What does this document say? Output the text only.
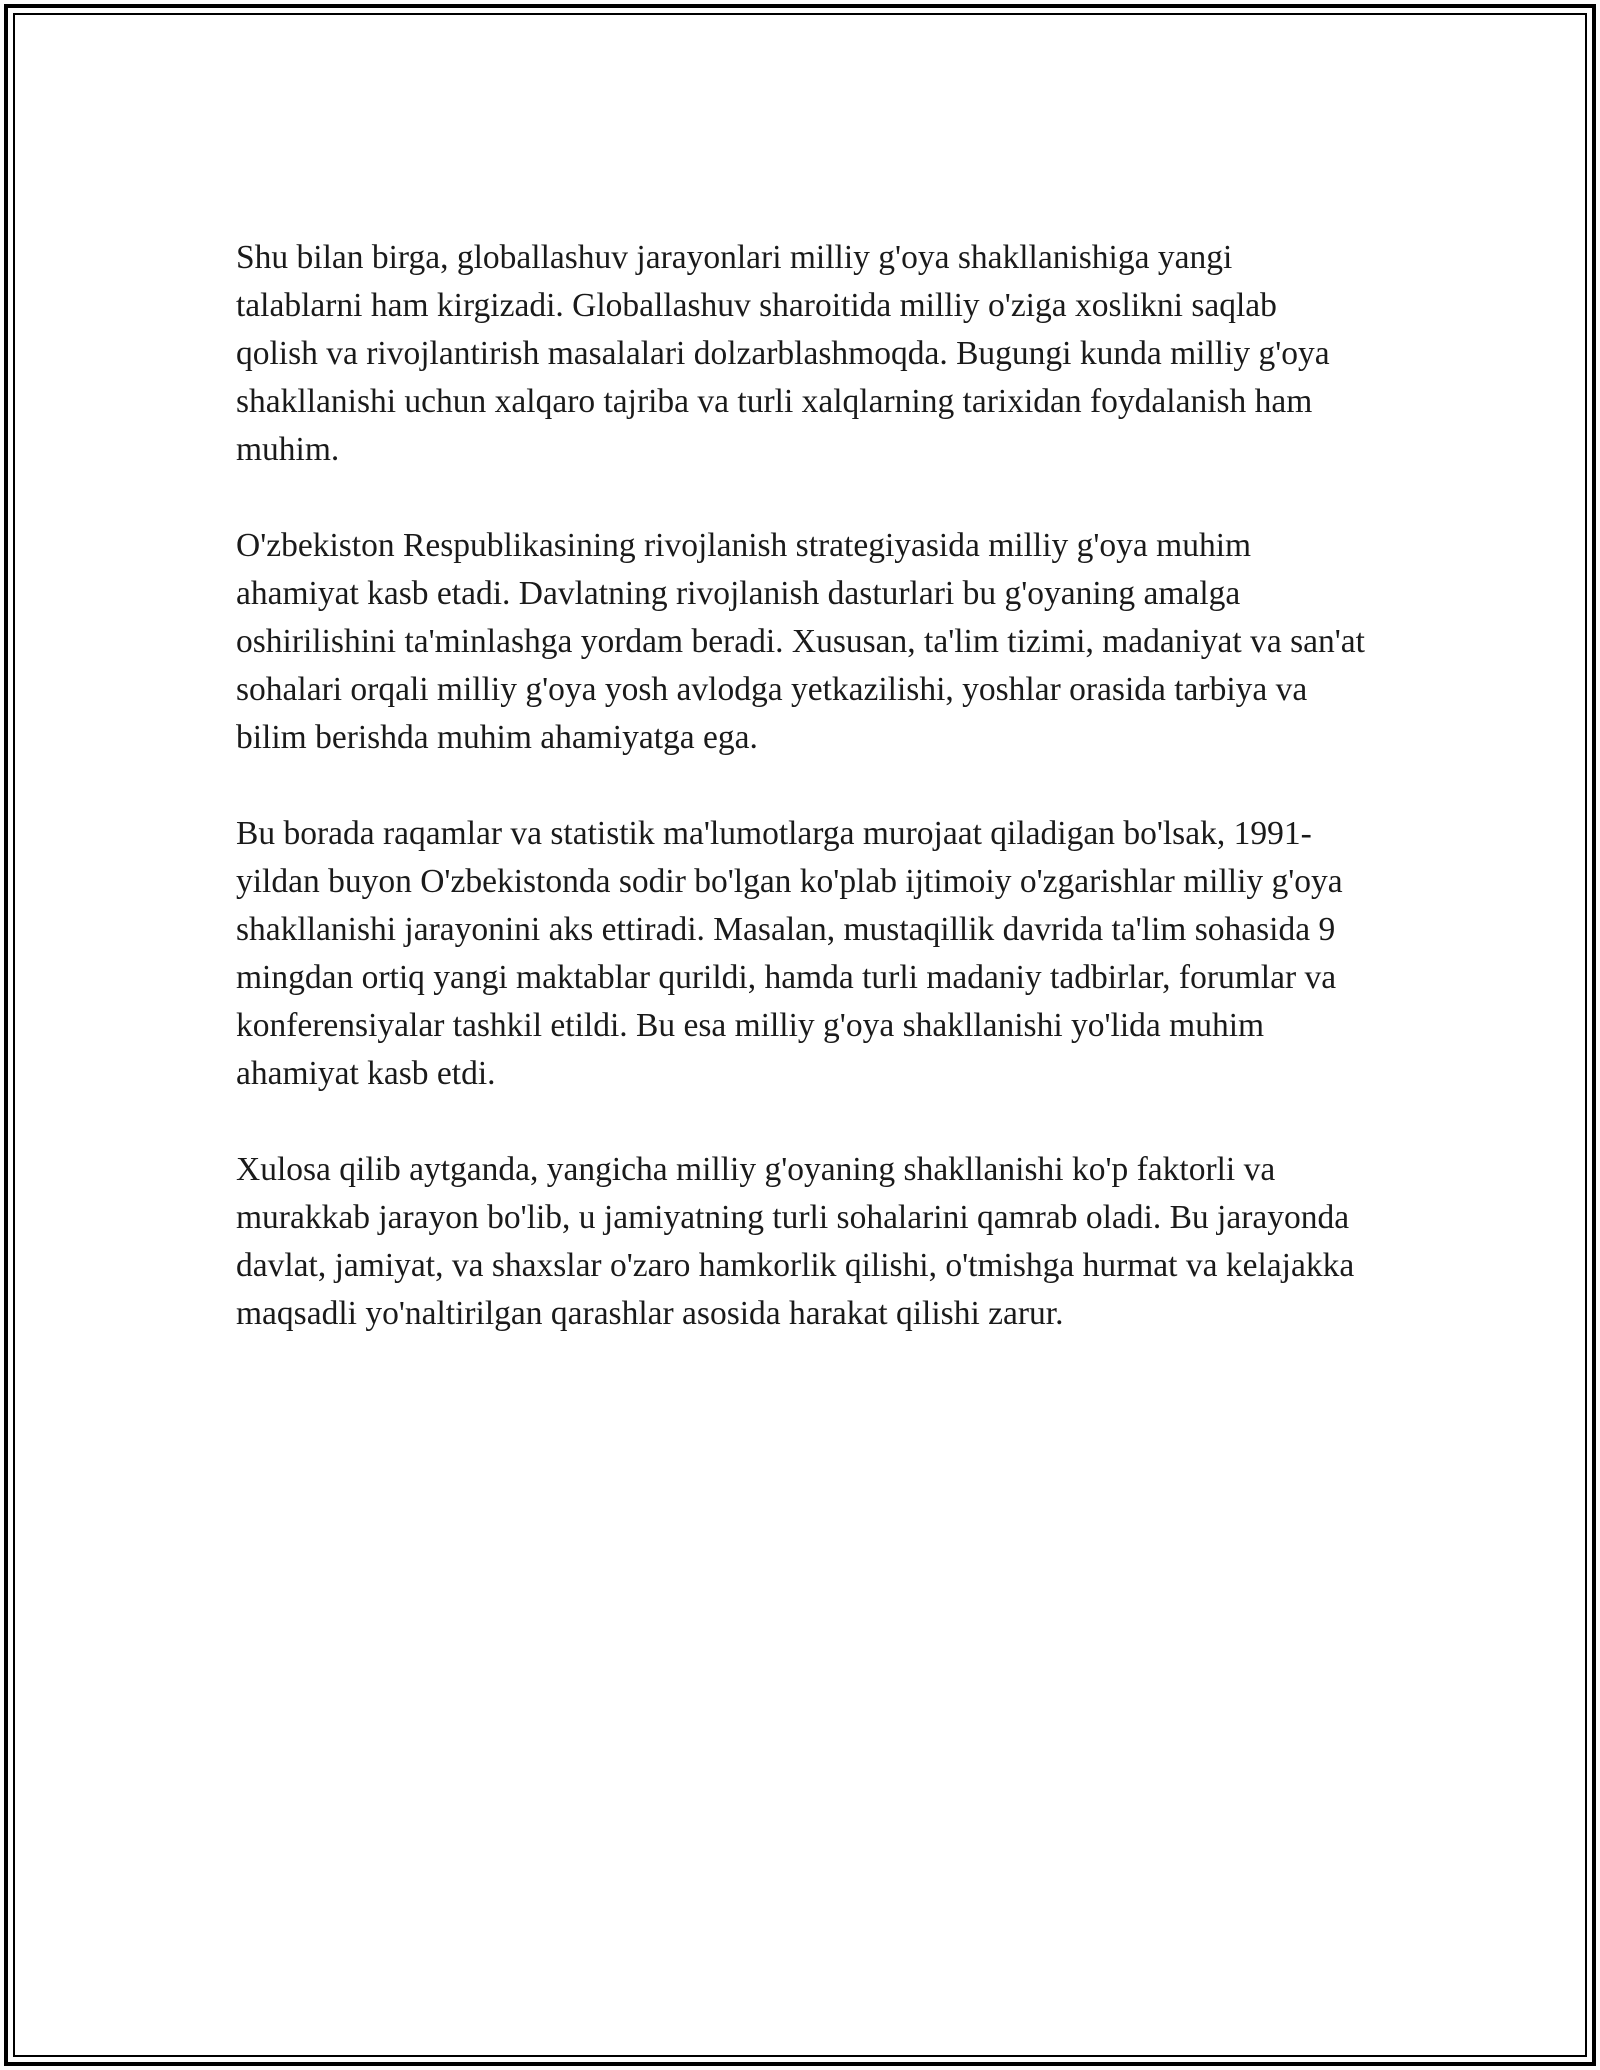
Shu bilan birga, globallashuv jarayonlari milliy g'oya shakllanishiga yangi talablarni ham kirgizadi. Globallashuv sharoitida milliy o'ziga xoslikni saqlab qolish va rivojlantirish masalalari dolzarblashmoqda. Bugungi kunda milliy g'oya shakllanishi uchun xalqaro tajriba va turli xalqlarning tarixidan foydalanish ham muhim.

O'zbekiston Respublikasining rivojlanish strategiyasida milliy g'oya muhim ahamiyat kasb etadi. Davlatning rivojlanish dasturlari bu g'oyaning amalga oshirilishini ta'minlashga yordam beradi. Xususan, ta'lim tizimi, madaniyat va san'at sohalari orqali milliy g'oya yosh avlodga yetkazilishi, yoshlar orasida tarbiya va bilim berishda muhim ahamiyatga ega.

Bu borada raqamlar va statistik ma'lumotlarga murojaat qiladigan bo'lsak, 1991-yildan buyon O'zbekistonda sodir bo'lgan ko'plab ijtimoiy o'zgarishlar milliy g'oya shakllanishi jarayonini aks ettiradi. Masalan, mustaqillik davrida ta'lim sohasida 9 mingdan ortiq yangi maktablar qurildi, hamda turli madaniy tadbirlar, forumlar va konferensiyalar tashkil etildi. Bu esa milliy g'oya shakllanishi yo'lida muhim ahamiyat kasb etdi.

Xulosa qilib aytganda, yangicha milliy g'oyaning shakllanishi ko'p faktorli va murakkab jarayon bo'lib, u jamiyatning turli sohalarini qamrab oladi. Bu jarayonda davlat, jamiyat, va shaxslar o'zaro hamkorlik qilishi, o'tmishga hurmat va kelajakka maqsadli yo'naltirilgan qarashlar asosida harakat qilishi zarur.
